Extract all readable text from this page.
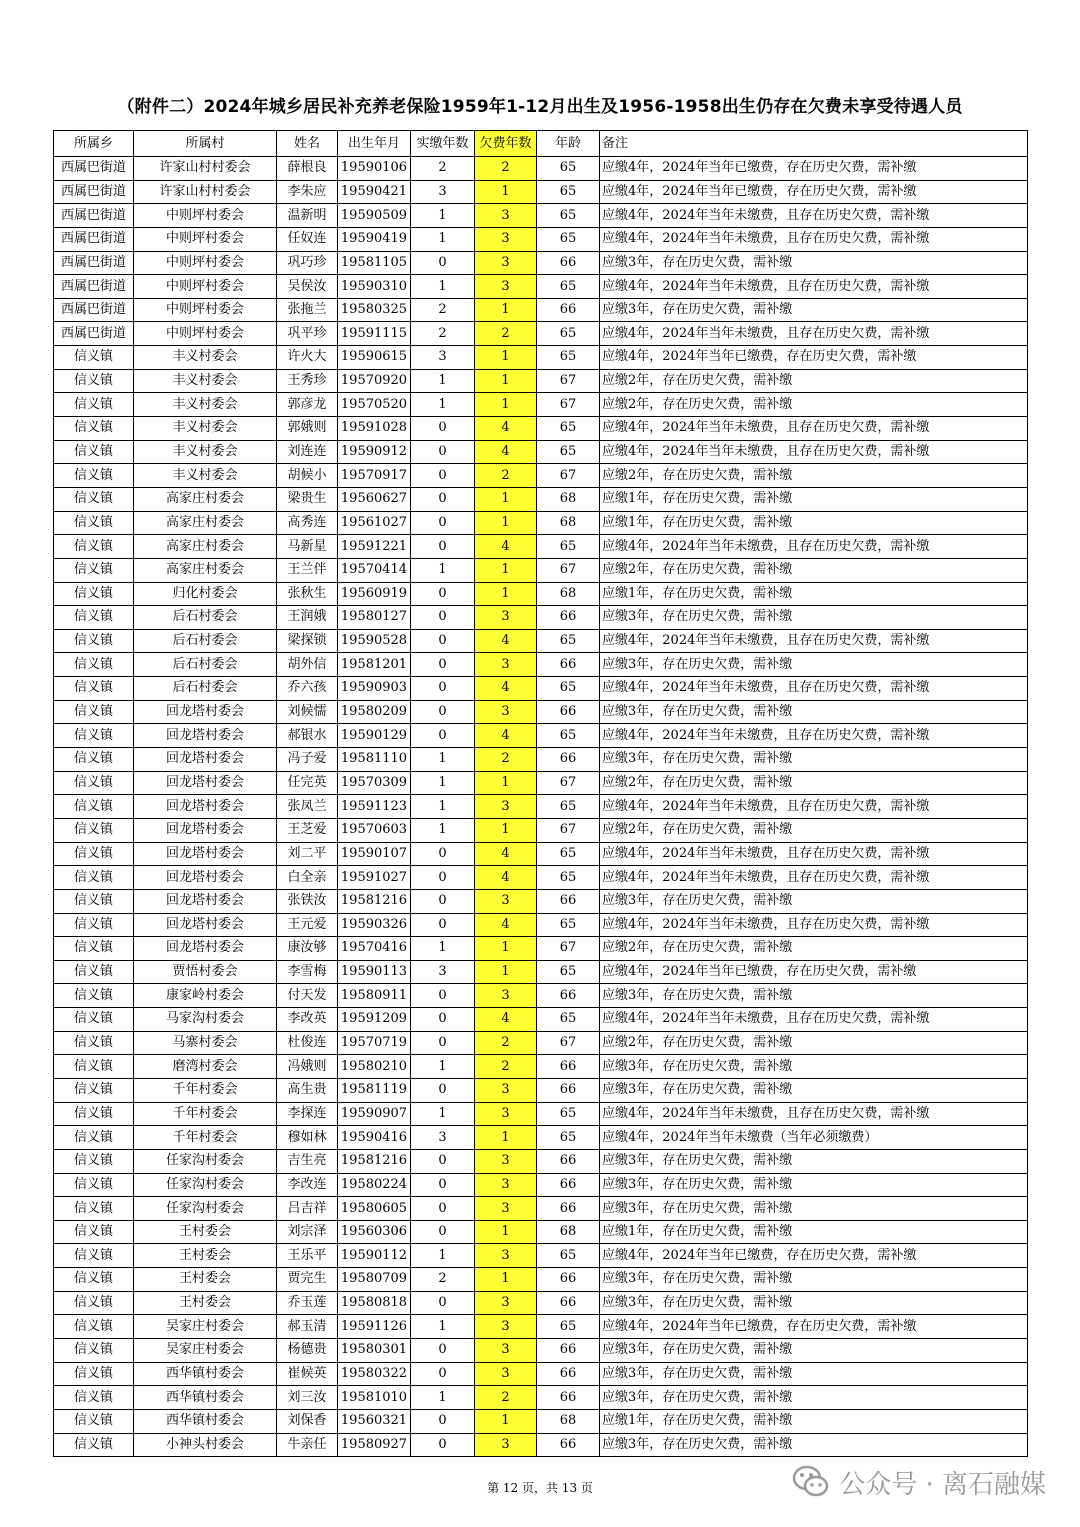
（附件二）2024年城乡居民补充养老保险1959年1-12月出生及1956-1958出生仍存在欠费未享受待遇人员
所属乡	所属村	姓名	出生年月	实缴年数	欠费年数	年龄	备注
西属巴街道	许家山村村委会	薛根良	19590106	2	2	65	应缴4年，2024年当年已缴费，存在历史欠费，需补缴
西属巴街道	许家山村村委会	李朱应	19590421	3	1	65	应缴4年，2024年当年已缴费，存在历史欠费，需补缴
西属巴街道	中则坪村委会	温新明	19590509	1	3	65	应缴4年，2024年当年未缴费，且存在历史欠费，需补缴
西属巴街道	中则坪村委会	任奴连	19590419	1	3	65	应缴4年，2024年当年未缴费，且存在历史欠费，需补缴
西属巴街道	中则坪村委会	巩巧珍	19581105	0	3	66	应缴3年，存在历史欠费，需补缴
西属巴街道	中则坪村委会	吴侯汝	19590310	1	3	65	应缴4年，2024年当年未缴费，且存在历史欠费，需补缴
西属巴街道	中则坪村委会	张拖兰	19580325	2	1	66	应缴3年，存在历史欠费，需补缴
西属巴街道	中则坪村委会	巩平珍	19591115	2	2	65	应缴4年，2024年当年未缴费，且存在历史欠费，需补缴
信义镇	丰义村委会	许火大	19590615	3	1	65	应缴4年，2024年当年已缴费，存在历史欠费，需补缴
信义镇	丰义村委会	王秀珍	19570920	1	1	67	应缴2年，存在历史欠费，需补缴
信义镇	丰义村委会	郭彦龙	19570520	1	1	67	应缴2年，存在历史欠费，需补缴
信义镇	丰义村委会	郭娥则	19591028	0	4	65	应缴4年，2024年当年未缴费，且存在历史欠费，需补缴
信义镇	丰义村委会	刘连连	19590912	0	4	65	应缴4年，2024年当年未缴费，且存在历史欠费，需补缴
信义镇	丰义村委会	胡候小	19570917	0	2	67	应缴2年，存在历史欠费，需补缴
信义镇	高家庄村委会	梁贵生	19560627	0	1	68	应缴1年，存在历史欠费，需补缴
信义镇	高家庄村委会	高秀连	19561027	0	1	68	应缴1年，存在历史欠费，需补缴
信义镇	高家庄村委会	马新星	19591221	0	4	65	应缴4年，2024年当年未缴费，且存在历史欠费，需补缴
信义镇	高家庄村委会	王兰伴	19570414	1	1	67	应缴2年，存在历史欠费，需补缴
信义镇	归化村委会	张秋生	19560919	0	1	68	应缴1年，存在历史欠费，需补缴
信义镇	后石村委会	王润娥	19580127	0	3	66	应缴3年，存在历史欠费，需补缴
信义镇	后石村委会	梁探锁	19590528	0	4	65	应缴4年，2024年当年未缴费，且存在历史欠费，需补缴
信义镇	后石村委会	胡外信	19581201	0	3	66	应缴3年，存在历史欠费，需补缴
信义镇	后石村委会	乔六孩	19590903	0	4	65	应缴4年，2024年当年未缴费，且存在历史欠费，需补缴
信义镇	回龙塔村委会	刘候懦	19580209	0	3	66	应缴3年，存在历史欠费，需补缴
信义镇	回龙塔村委会	郝银水	19590129	0	4	65	应缴4年，2024年当年未缴费，且存在历史欠费，需补缴
信义镇	回龙塔村委会	冯子爱	19581110	1	2	66	应缴3年，存在历史欠费，需补缴
信义镇	回龙塔村委会	任完英	19570309	1	1	67	应缴2年，存在历史欠费，需补缴
信义镇	回龙塔村委会	张凤兰	19591123	1	3	65	应缴4年，2024年当年未缴费，且存在历史欠费，需补缴
信义镇	回龙塔村委会	王芝爱	19570603	1	1	67	应缴2年，存在历史欠费，需补缴
信义镇	回龙塔村委会	刘二平	19590107	0	4	65	应缴4年，2024年当年未缴费，且存在历史欠费，需补缴
信义镇	回龙塔村委会	白全亲	19591027	0	4	65	应缴4年，2024年当年未缴费，且存在历史欠费，需补缴
信义镇	回龙塔村委会	张铁汝	19581216	0	3	66	应缴3年，存在历史欠费，需补缴
信义镇	回龙塔村委会	王元爱	19590326	0	4	65	应缴4年，2024年当年未缴费，且存在历史欠费，需补缴
信义镇	回龙塔村委会	康汝够	19570416	1	1	67	应缴2年，存在历史欠费，需补缴
信义镇	贾悟村委会	李雪梅	19590113	3	1	65	应缴4年，2024年当年已缴费，存在历史欠费，需补缴
信义镇	康家岭村委会	付天发	19580911	0	3	66	应缴3年，存在历史欠费，需补缴
信义镇	马家沟村委会	李改英	19591209	0	4	65	应缴4年，2024年当年未缴费，且存在历史欠费，需补缴
信义镇	马寨村委会	杜俊连	19570719	0	2	67	应缴2年，存在历史欠费，需补缴
信义镇	磨湾村委会	冯娥则	19580210	1	2	66	应缴3年，存在历史欠费，需补缴
信义镇	千年村委会	高生贵	19581119	0	3	66	应缴3年，存在历史欠费，需补缴
信义镇	千年村委会	李探连	19590907	1	3	65	应缴4年，2024年当年未缴费，且存在历史欠费，需补缴
信义镇	千年村委会	穆如林	19590416	3	1	65	应缴4年，2024年当年未缴费（当年必须缴费）
信义镇	任家沟村委会	吉生亮	19581216	0	3	66	应缴3年，存在历史欠费，需补缴
信义镇	任家沟村委会	李改连	19580224	0	3	66	应缴3年，存在历史欠费，需补缴
信义镇	任家沟村委会	吕吉祥	19580605	0	3	66	应缴3年，存在历史欠费，需补缴
信义镇	王村委会	刘宗泽	19560306	0	1	68	应缴1年，存在历史欠费，需补缴
信义镇	王村委会	王乐平	19590112	1	3	65	应缴4年，2024年当年已缴费，存在历史欠费，需补缴
信义镇	王村委会	贾完生	19580709	2	1	66	应缴3年，存在历史欠费，需补缴
信义镇	王村委会	乔玉莲	19580818	0	3	66	应缴3年，存在历史欠费，需补缴
信义镇	吴家庄村委会	郝玉清	19591126	1	3	65	应缴4年，2024年当年已缴费，存在历史欠费，需补缴
信义镇	吴家庄村委会	杨德贵	19580301	0	3	66	应缴3年，存在历史欠费，需补缴
信义镇	西华镇村委会	崔候英	19580322	0	3	66	应缴3年，存在历史欠费，需补缴
信义镇	西华镇村委会	刘三汝	19581010	1	2	66	应缴3年，存在历史欠费，需补缴
信义镇	西华镇村委会	刘保香	19560321	0	1	68	应缴1年，存在历史欠费，需补缴
信义镇	小神头村委会	牛亲任	19580927	0	3	66	应缴3年，存在历史欠费，需补缴
第 12 页，共 13 页	公众号 · 离石融媒
